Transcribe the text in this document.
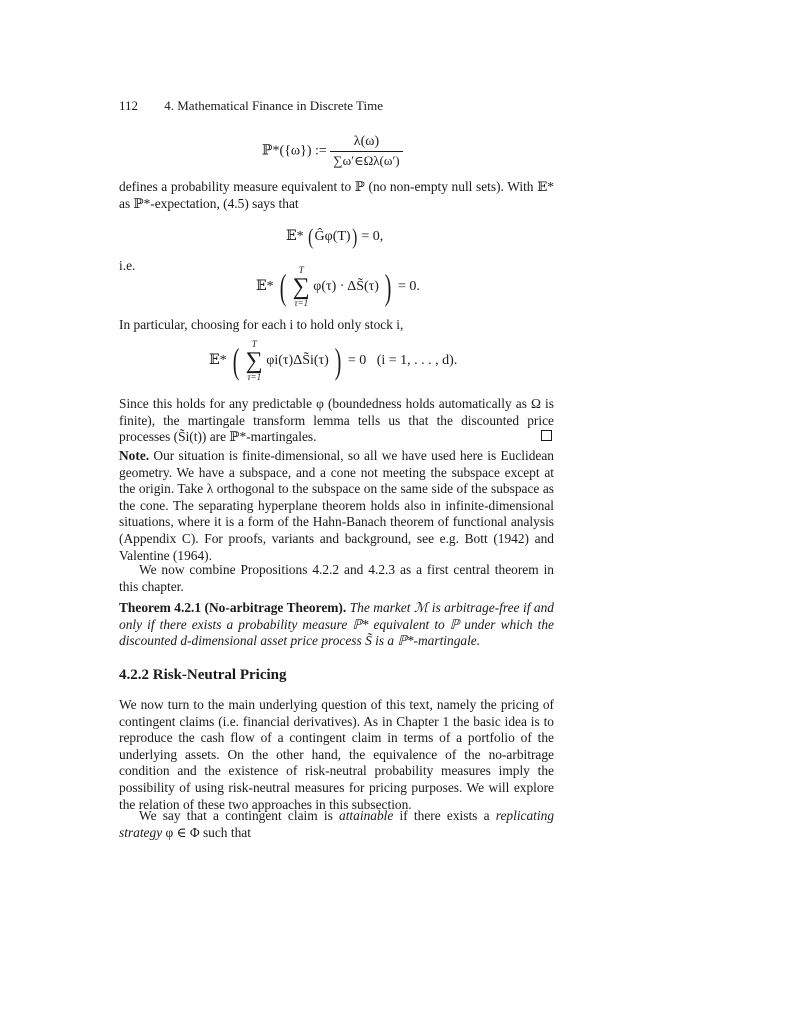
112 4. Mathematical Finance in Discrete Time
ℙ*({ω}) := $\frac{\lambda(\omega)}{\sum\omega'\in\Omega\lambda(\omega')}$
defines a probability measure equivalent to ℙ (no non-empty null sets). With 𝔼* as ℙ*-expectation, (4.5) says that
𝔼* (Ĝφ(T)) = 0,
i.e.
𝔼* (	T
∑
τ=1
φ(τ) · ΔS̃(τ) ) = 0.
In particular, choosing for each i to hold only stock i,
𝔼* (	T
∑
τ=1
φi(τ)ΔS̃i(τ) ) = 0   (i = 1, . . . , d).
Since this holds for any predictable φ (boundedness holds automatically as Ω is finite), the martingale transform lemma tells us that the discounted price processes (S̃i(t)) are ℙ*-martingales.
Note. Our situation is finite-dimensional, so all we have used here is Euclidean geometry. We have a subspace, and a cone not meeting the subspace except at the origin. Take λ orthogonal to the subspace on the same side of the subspace as the cone. The separating hyperplane theorem holds also in infinite-dimensional situations, where it is a form of the Hahn-Banach theorem of functional analysis (Appendix C). For proofs, variants and background, see e.g. Bott (1942) and Valentine (1964).
We now combine Propositions 4.2.2 and 4.2.3 as a first central theorem in this chapter.
Theorem 4.2.1 (No-arbitrage Theorem). The market ℳ is arbitrage-free if and only if there exists a probability measure ℙ* equivalent to ℙ under which the discounted d-dimensional asset price process S̃ is a ℙ*-martingale.
4.2.2 Risk-Neutral Pricing
We now turn to the main underlying question of this text, namely the pricing of contingent claims (i.e. financial derivatives). As in Chapter 1 the basic idea is to reproduce the cash flow of a contingent claim in terms of a portfolio of the underlying assets. On the other hand, the equivalence of the no-arbitrage condition and the existence of risk-neutral probability measures imply the possibility of using risk-neutral measures for pricing purposes. We will explore the relation of these two approaches in this subsection.
We say that a contingent claim is attainable if there exists a replicating strategy φ ∈ Φ such that
